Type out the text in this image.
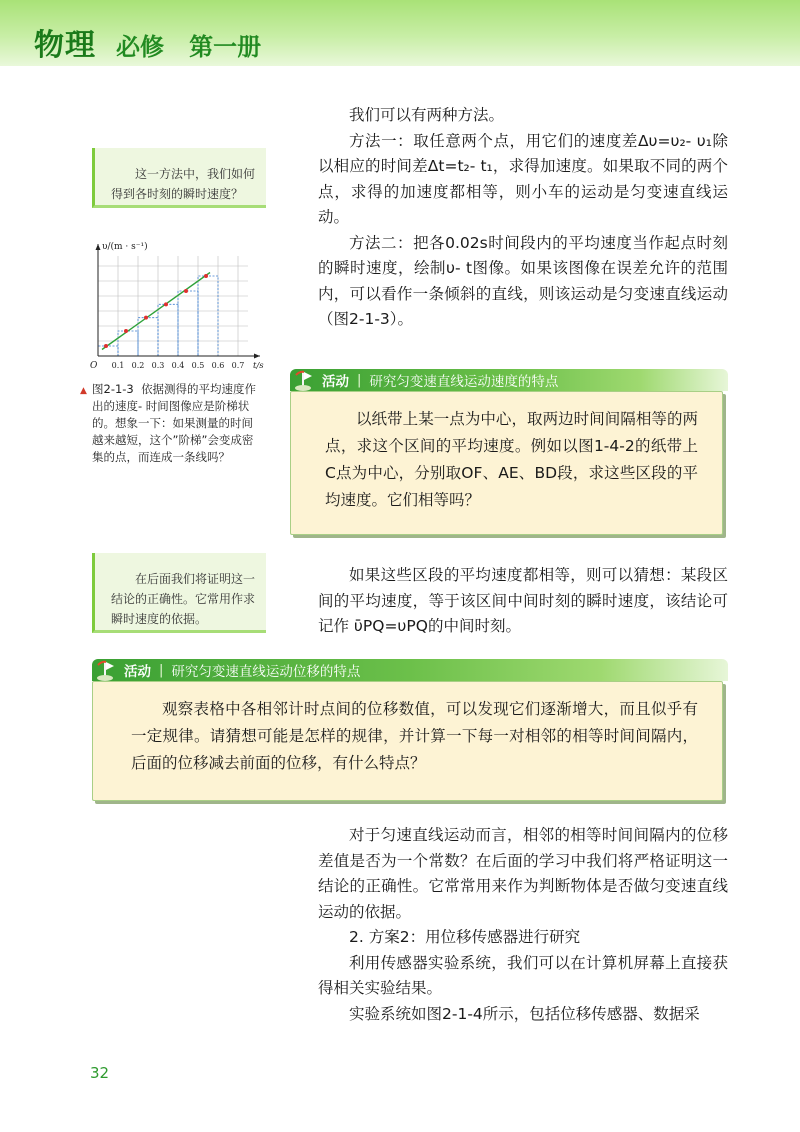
物理 必修   第一册

我们可以有两种方法。

方法一：取任意两个点，用它们的速度差Δυ=υ₂- υ₁除以相应的时间差Δt=t₂- t₁，求得加速度。如果取不同的两个点，求得的加速度都相等，则小车的运动是匀变速直线运动。

方法二：把各0.02s时间段内的平均速度当作起点时刻的瞬时速度，绘制υ- t图像。如果该图像在误差允许的范围内，可以看作一条倾斜的直线，则该运动是匀变速直线运动（图2-1-3）。

这一方法中，我们如何得到各时刻的瞬时速度？
0.1 0.2 0.3 0.4 0.5 0.6 0.7
O	t/s
υ/(m · s⁻¹)
▲ 图2-1-3 依据测得的平均速度作出的速度- 时间图像应是阶梯状的。想象一下：如果测量的时间越来越短，这个”阶梯”会变成密集的点，而连成一条线吗？
活动 | 研究匀变速直线运动速度的特点

以纸带上某一点为中心，取两边时间间隔相等的两点，求这个区间的平均速度。例如以图1-4-2的纸带上C点为中心，分别取OF、AE、BD段，求这些区段的平均速度。它们相等吗？

在后面我们将证明这一结论的正确性。它常用作求瞬时速度的依据。

如果这些区段的平均速度都相等，则可以猜想：某段区间的平均速度，等于该区间中间时刻的瞬时速度，该结论可记作 ῡPQ=υPQ的中间时刻。

活动 | 研究匀变速直线运动位移的特点

观察表格中各相邻计时点间的位移数值，可以发现它们逐渐增大，而且似乎有一定规律。请猜想可能是怎样的规律，并计算一下每一对相邻的相等时间间隔内，后面的位移减去前面的位移，有什么特点？

对于匀速直线运动而言，相邻的相等时间间隔内的位移差值是否为一个常数？在后面的学习中我们将严格证明这一结论的正确性。它常常用来作为判断物体是否做匀变速直线运动的依据。

2. 方案2：用位移传感器进行研究

利用传感器实验系统，我们可以在计算机屏幕上直接获得相关实验结果。

实验系统如图2-1-4所示，包括位移传感器、数据采

32
